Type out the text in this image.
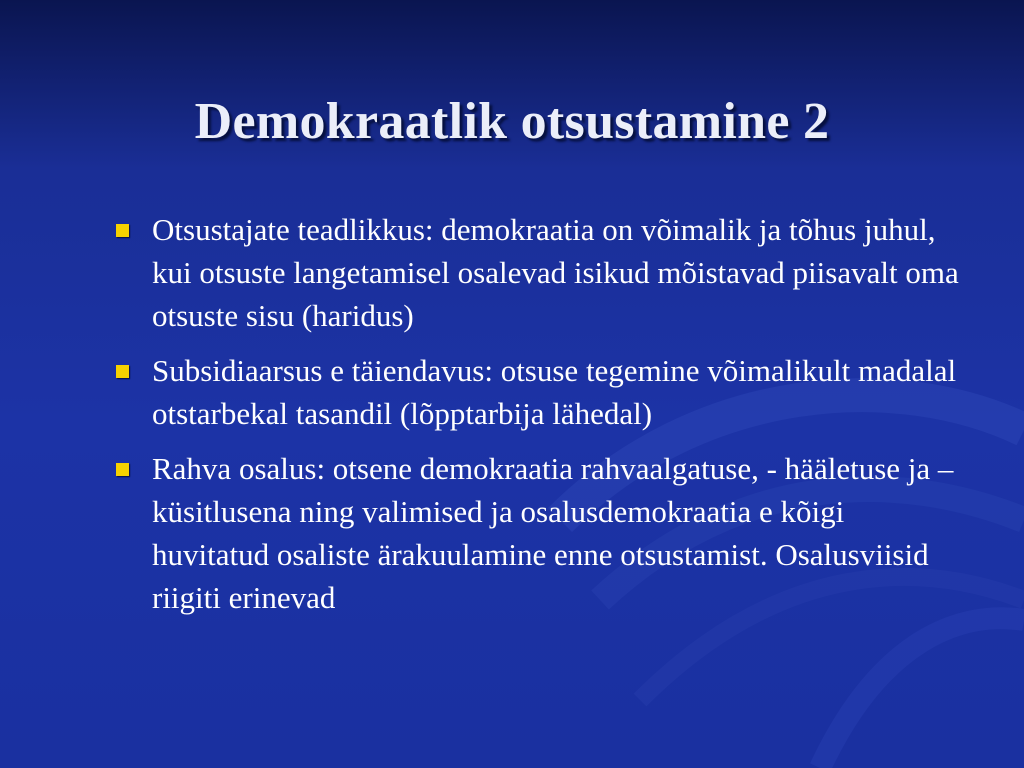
Demokraatlik otsustamine 2
Otsustajate teadlikkus: demokraatia on võimalik ja tõhus juhul, kui otsuste langetamisel osalevad isikud mõistavad piisavalt oma otsuste sisu (haridus)
Subsidiaarsus e täiendavus: otsuse tegemine võimalikult madalal otstarbekal tasandil (lõpptarbija lähedal)
Rahva osalus: otsene demokraatia rahvaalgatuse, - hääletuse ja –küsitlusena ning valimised ja osalusdemokraatia e kõigi huvitatud osaliste ärakuulamine enne otsustamist. Osalusviisid riigiti erinevad
